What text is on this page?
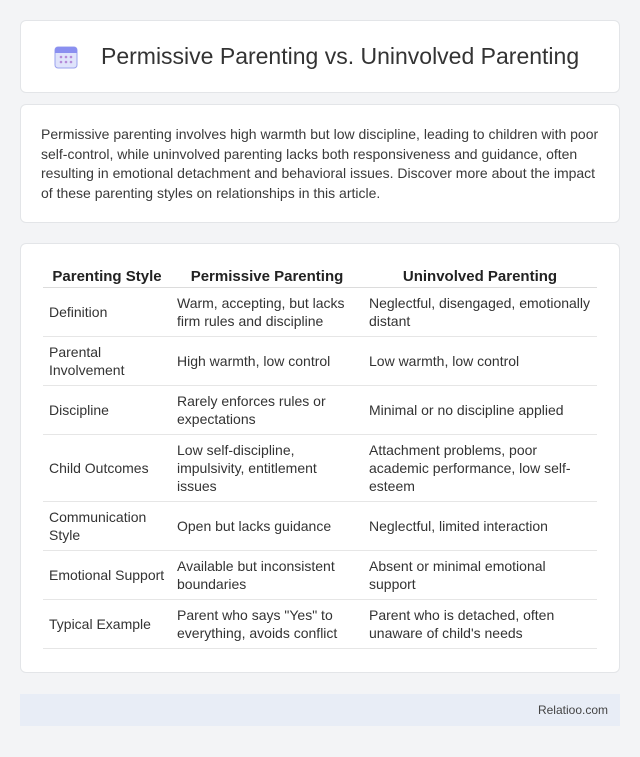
Permissive Parenting vs. Uninvolved Parenting

Permissive parenting involves high warmth but low discipline, leading to children with poor self-control, while uninvolved parenting lacks both responsiveness and guidance, often resulting in emotional detachment and behavioral issues. Discover more about the impact of these parenting styles on relationships in this article.

Parenting Style	Permissive Parenting	Uninvolved Parenting
Definition	Warm, accepting, but lacks firm rules and discipline	Neglectful, disengaged, emotionally distant
Parental Involvement	High warmth, low control	Low warmth, low control
Discipline	Rarely enforces rules or expectations	Minimal or no discipline applied
Child Outcomes	Low self-discipline, impulsivity, entitlement issues	Attachment problems, poor academic performance, low self-esteem
Communication Style	Open but lacks guidance	Neglectful, limited interaction
Emotional Support	Available but inconsistent boundaries	Absent or minimal emotional support
Typical Example	Parent who says "Yes" to everything, avoids conflict	Parent who is detached, often unaware of child's needs
Relatioo.com
